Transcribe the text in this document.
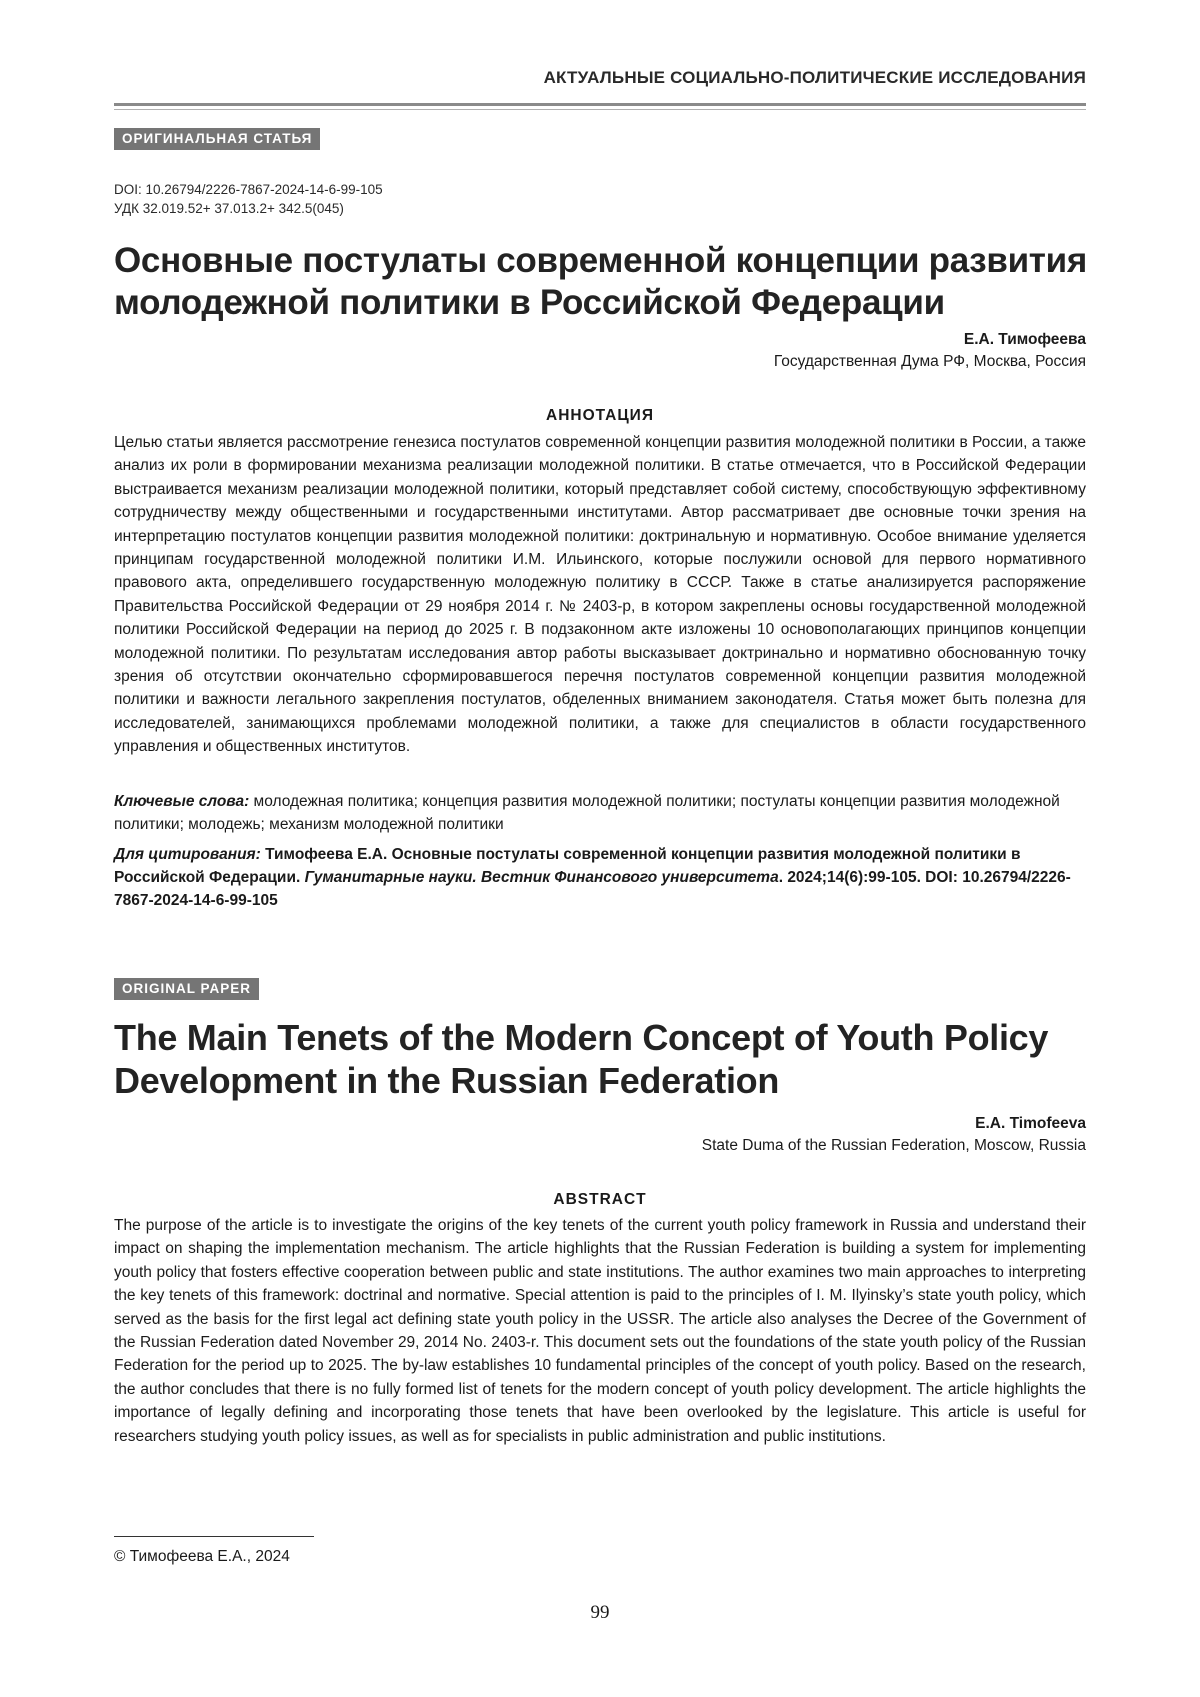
АКТУАЛЬНЫЕ СОЦИАЛЬНО-ПОЛИТИЧЕСКИЕ ИССЛЕДОВАНИЯ
ОРИГИНАЛЬНАЯ СТАТЬЯ
DOI: 10.26794/2226-7867-2024-14-6-99-105
УДК 32.019.52+ 37.013.2+ 342.5(045)
Основные постулаты современной концепции развития молодежной политики в Российской Федерации
Е.А. Тимофеева
Государственная Дума РФ, Москва, Россия
АННОТАЦИЯ

Целью статьи является рассмотрение генезиса постулатов современной концепции развития молодежной политики в России, а также анализ их роли в формировании механизма реализации молодежной политики. В статье отмечается, что в Российской Федерации выстраивается механизм реализации молодежной политики, который представляет собой систему, способствующую эффективному сотрудничеству между общественными и государственными институтами. Автор рассматривает две основные точки зрения на интерпретацию постулатов концепции развития молодежной политики: доктринальную и нормативную. Особое внимание уделяется принципам государственной молодежной политики И.М. Ильинского, которые послужили основой для первого нормативного правового акта, определившего государственную молодежную политику в СССР. Также в статье анализируется распоряжение Правительства Российской Федерации от 29 ноября 2014 г. № 2403-р, в котором закреплены основы государственной молодежной политики Российской Федерации на период до 2025 г. В подзаконном акте изложены 10 основополагающих принципов концепции молодежной политики. По результатам исследования автор работы высказывает доктринально и нормативно обоснованную точку зрения об отсутствии окончательно сформировавшегося перечня постулатов современной концепции развития молодежной политики и важности легального закрепления постулатов, обделенных вниманием законодателя. Статья может быть полезна для исследователей, занимающихся проблемами молодежной политики, а также для специалистов в области государственного управления и общественных институтов.

Ключевые слова: молодежная политика; концепция развития молодежной политики; постулаты концепции развития молодежной политики; молодежь; механизм молодежной политики

Для цитирования: Тимофеева Е.А. Основные постулаты современной концепции развития молодежной политики в Российской Федерации. Гуманитарные науки. Вестник Финансового университета. 2024;14(6):99-105. DOI: 10.26794/2226-7867-2024-14-6-99-105

ORIGINAL PAPER
The Main Tenets of the Modern Concept of Youth Policy Development in the Russian Federation
E.A. Timofeeva
State Duma of the Russian Federation, Moscow, Russia
ABSTRACT

The purpose of the article is to investigate the origins of the key tenets of the current youth policy framework in Russia and understand their impact on shaping the implementation mechanism. The article highlights that the Russian Federation is building a system for implementing youth policy that fosters effective cooperation between public and state institutions. The author examines two main approaches to interpreting the key tenets of this framework: doctrinal and normative. Special attention is paid to the principles of I. M. Ilyinsky’s state youth policy, which served as the basis for the first legal act defining state youth policy in the USSR. The article also analyses the Decree of the Government of the Russian Federation dated November 29, 2014 No. 2403-r. This document sets out the foundations of the state youth policy of the Russian Federation for the period up to 2025. The by-law establishes 10 fundamental principles of the concept of youth policy. Based on the research, the author concludes that there is no fully formed list of tenets for the modern concept of youth policy development. The article highlights the importance of legally defining and incorporating those tenets that have been overlooked by the legislature. This article is useful for researchers studying youth policy issues, as well as for specialists in public administration and public institutions.

© Тимофеева Е.А., 2024
99
